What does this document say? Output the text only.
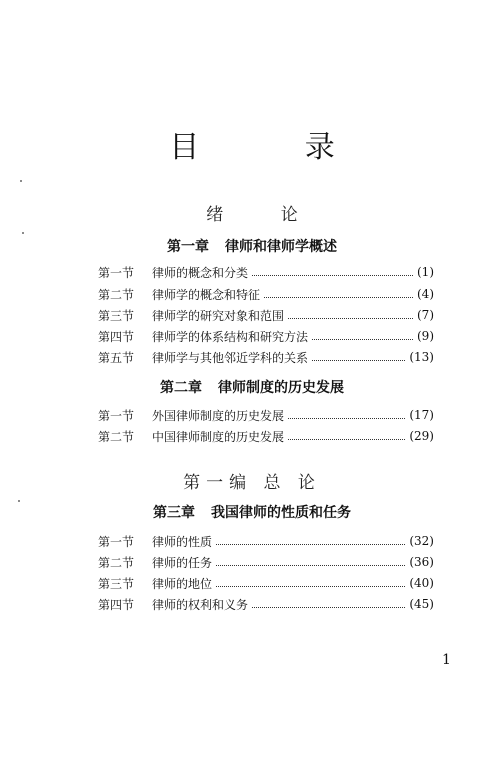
目 录
绪 论
第一章 律师和律师学概述
第一节	律师的概念和分类	(1)
第二节	律师学的概念和特征	(4)
第三节	律师学的研究对象和范围	(7)
第四节	律师学的体系结构和研究方法	(9)
第五节	律师学与其他邻近学科的关系	(13)
第二章 律师制度的历史发展
第一节	外国律师制度的历史发展	(17)
第二节	中国律师制度的历史发展	(29)
第一编 总 论
第三章 我国律师的性质和任务
第一节	律师的性质	(32)
第二节	律师的任务	(36)
第三节	律师的地位	(40)
第四节	律师的权利和义务	(45)
1
